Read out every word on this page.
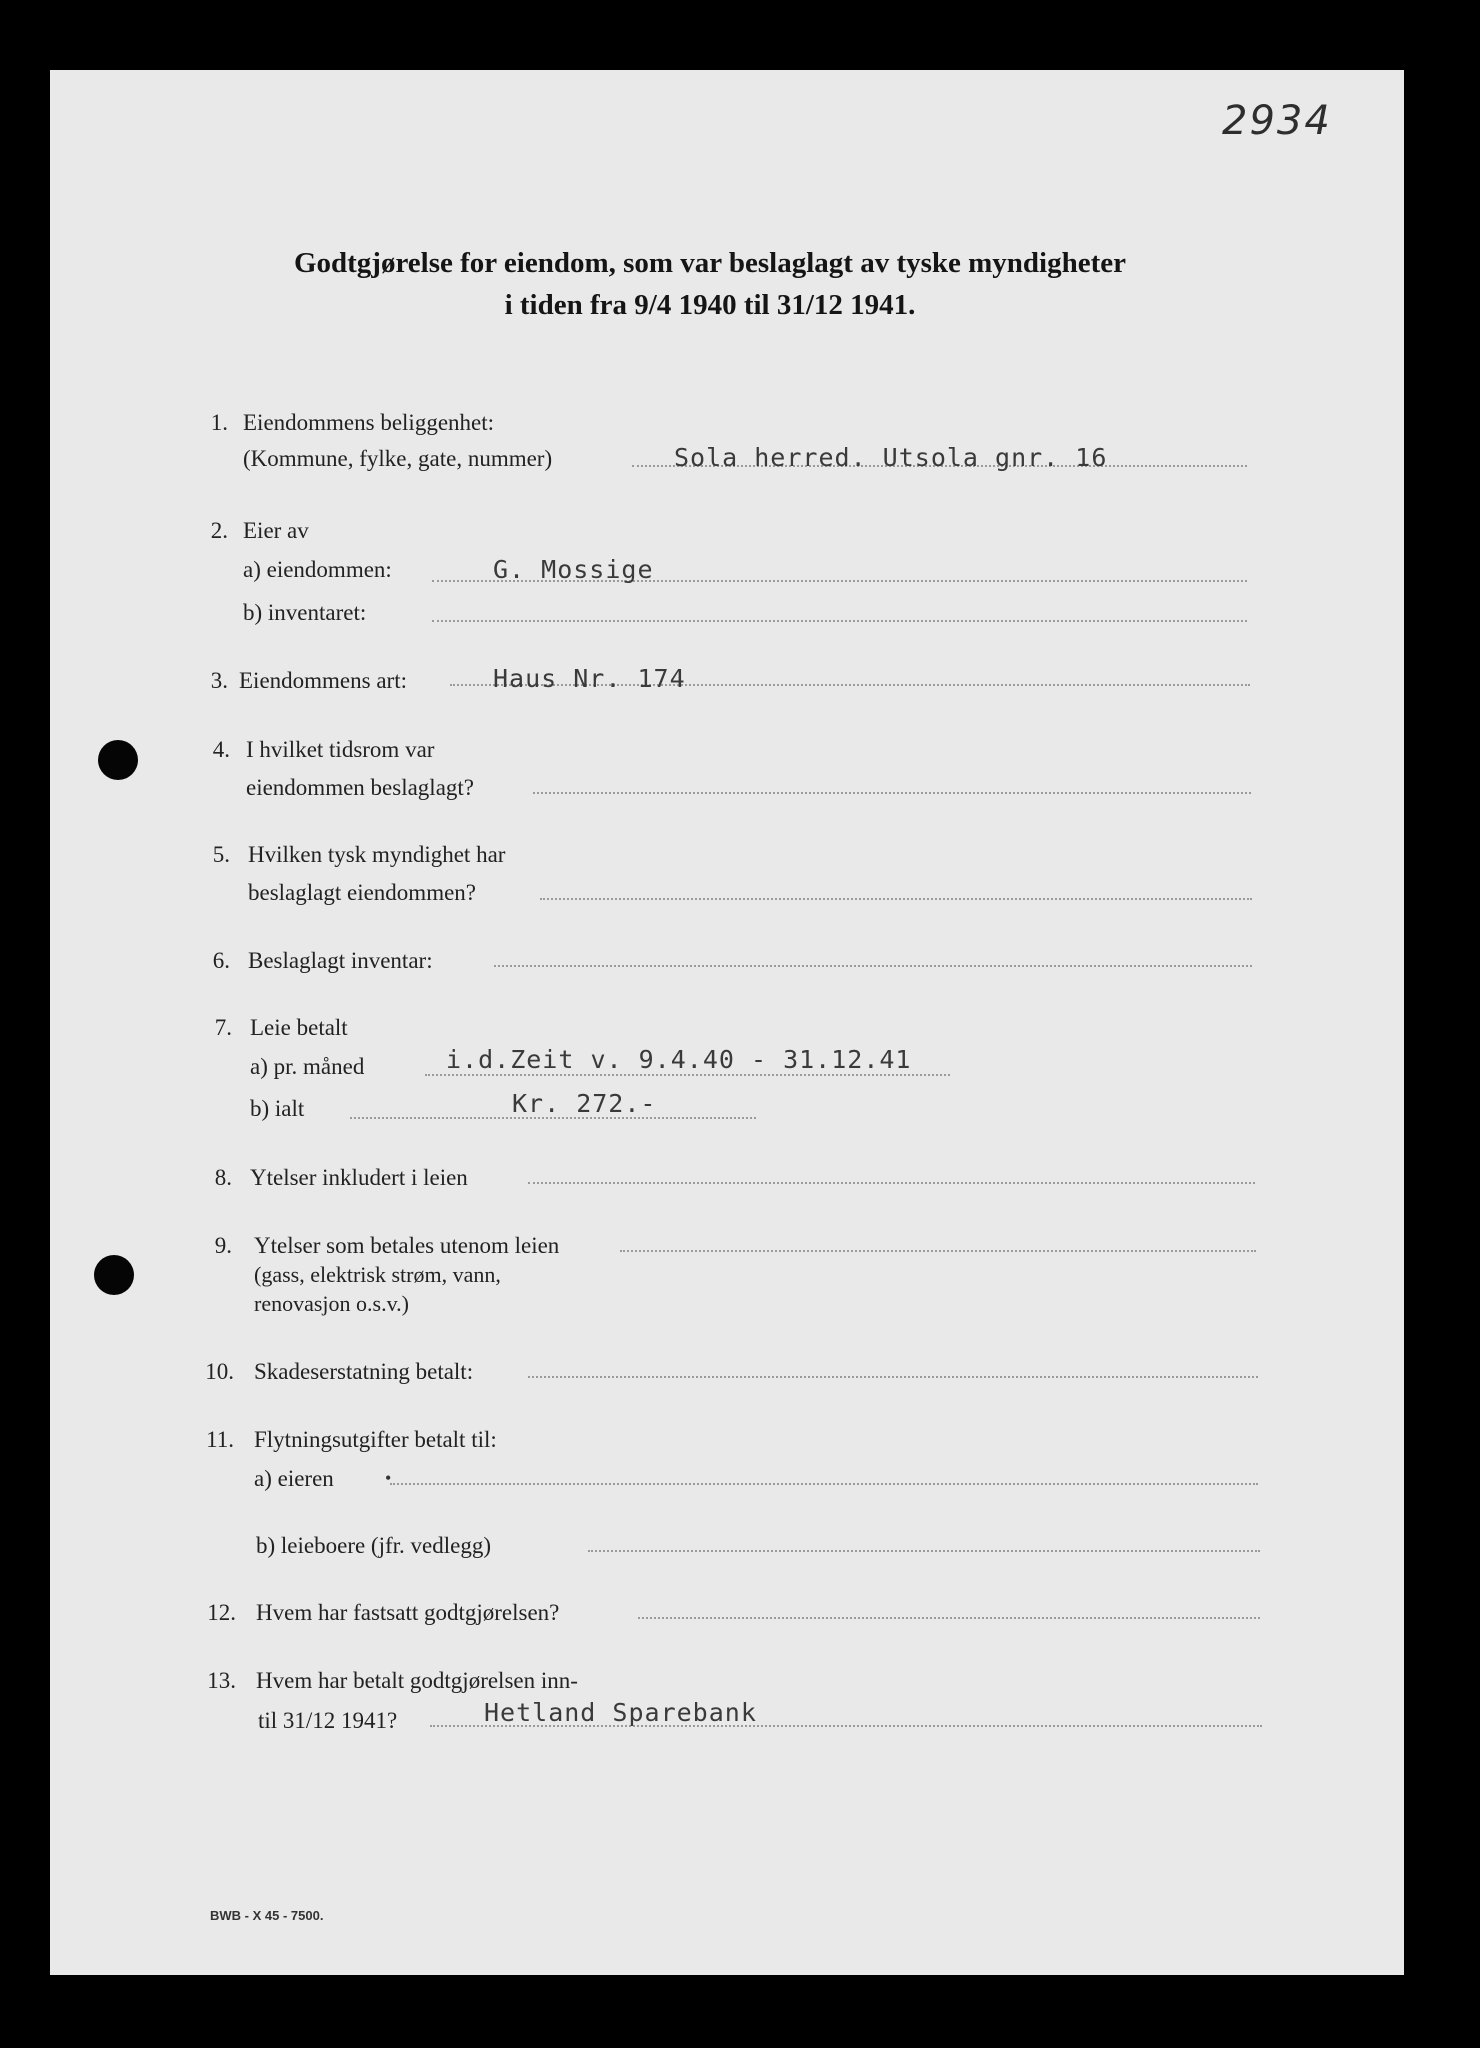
2934
Godtgjørelse for eiendom, som var beslaglagt av tyske myndigheter
i tiden fra 9/4 1940 til 31/12 1941.
1. Eiendommens beliggenhet:
(Kommune, fylke, gate, nummer)	Sola herred. Utsola gnr. 16
2. Eier av
a) eiendommen:	G. Mossige
b) inventaret:
3. Eiendommens art:	Haus Nr. 174
4. I hvilket tidsrom var
eiendommen beslaglagt?
5. Hvilken tysk myndighet har
beslaglagt eiendommen?
6. Beslaglagt inventar:
7. Leie betalt
a) pr. måned	i.d.Zeit v. 9.4.40 - 31.12.41
b) ialt	Kr. 272.-
8. Ytelser inkludert i leien
9. Ytelser som betales utenom leien
(gass, elektrisk strøm, vann,
renovasjon o.s.v.)
10. Skadeserstatning betalt:
11. Flytningsutgifter betalt til:
a) eieren	•
b) leieboere (jfr. vedlegg)
12. Hvem har fastsatt godtgjørelsen?
13. Hvem har betalt godtgjørelsen inn-
til 31/12 1941?	Hetland Sparebank
BWB - X 45 - 7500.
